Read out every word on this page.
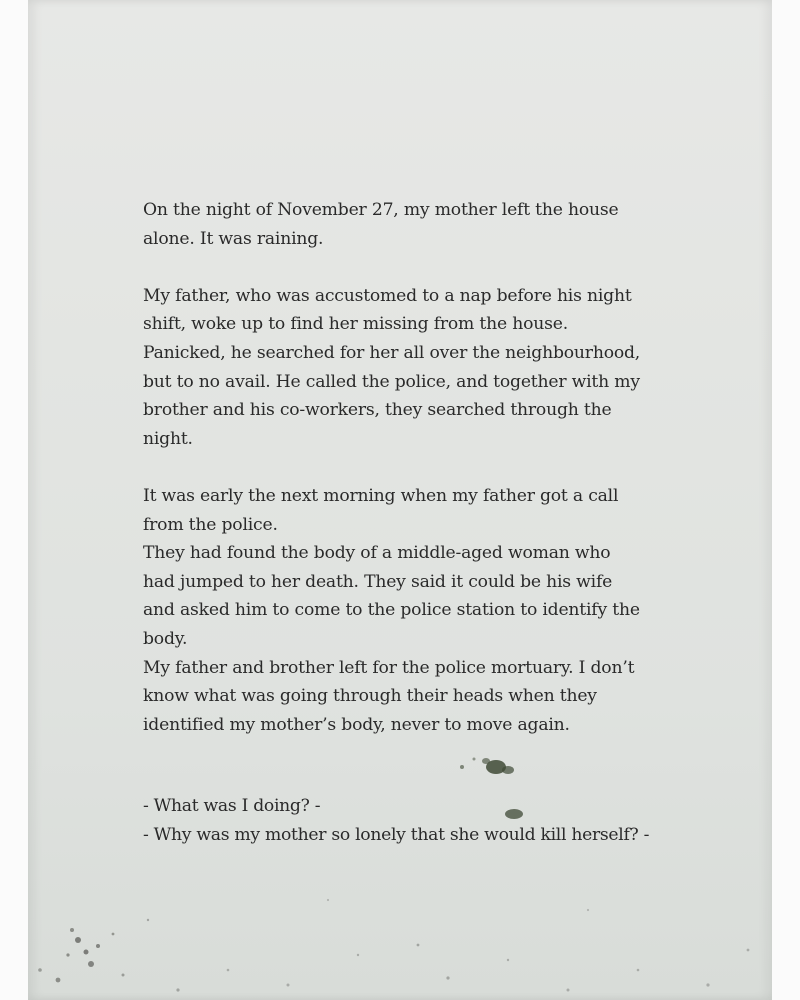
On the night of November 27, my mother left the house alone. It was raining.

My father, who was accustomed to a nap before his night shift, woke up to find her missing from the house. Panicked, he searched for her all over the neighbourhood, but to no avail. He called the police, and together with my brother and his co-workers, they searched through the night.

It was early the next morning when my father got a call from the police.

They had found the body of a middle-aged woman who had jumped to her death. They said it could be his wife and asked him to come to the police station to identify the body.

My father and brother left for the police mortuary. I don’t know what was going through their heads when they identified my mother’s body, never to move again.

- What was I doing? -

- Why was my mother so lonely that she would kill herself? -
